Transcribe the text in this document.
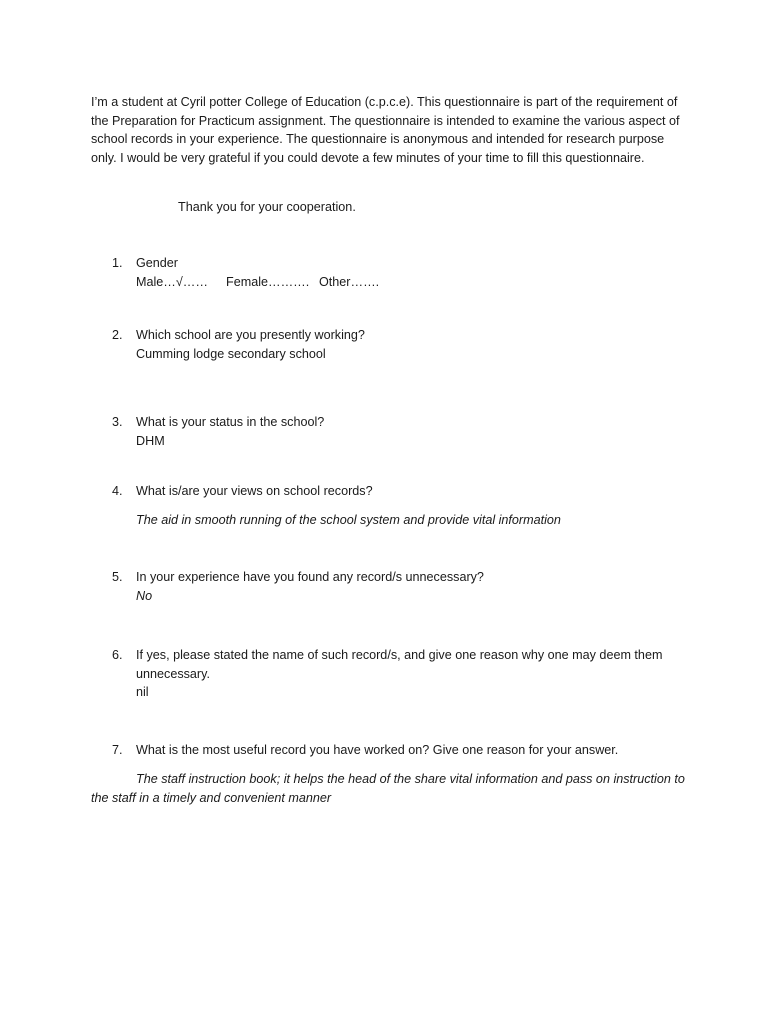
I’m a student at Cyril potter College of Education (c.p.c.e). This questionnaire is part of the requirement of the Preparation for Practicum assignment. The questionnaire is intended to examine the various aspect of school records in your experience. The questionnaire is anonymous and intended for research purpose only. I would be very grateful if you could devote a few minutes of your time to fill this questionnaire.

Thank you for your cooperation.

1.	Gender
Male…√…… Female………. Other…….
2.	Which school are you presently working?
Cumming lodge secondary school
3.	What is your status in the school?
DHM
4.	What is/are your views on school records?
The aid in smooth running of the school system and provide vital information
5.	In your experience have you found any record/s unnecessary?
No
6.	If yes, please stated the name of such record/s, and give one reason why one may deem them unnecessary.
nil
7.	What is the most useful record you have worked on? Give one reason for your answer.

The staff instruction book; it helps the head of the share vital information and pass on instruction to the staff in a timely and convenient manner
